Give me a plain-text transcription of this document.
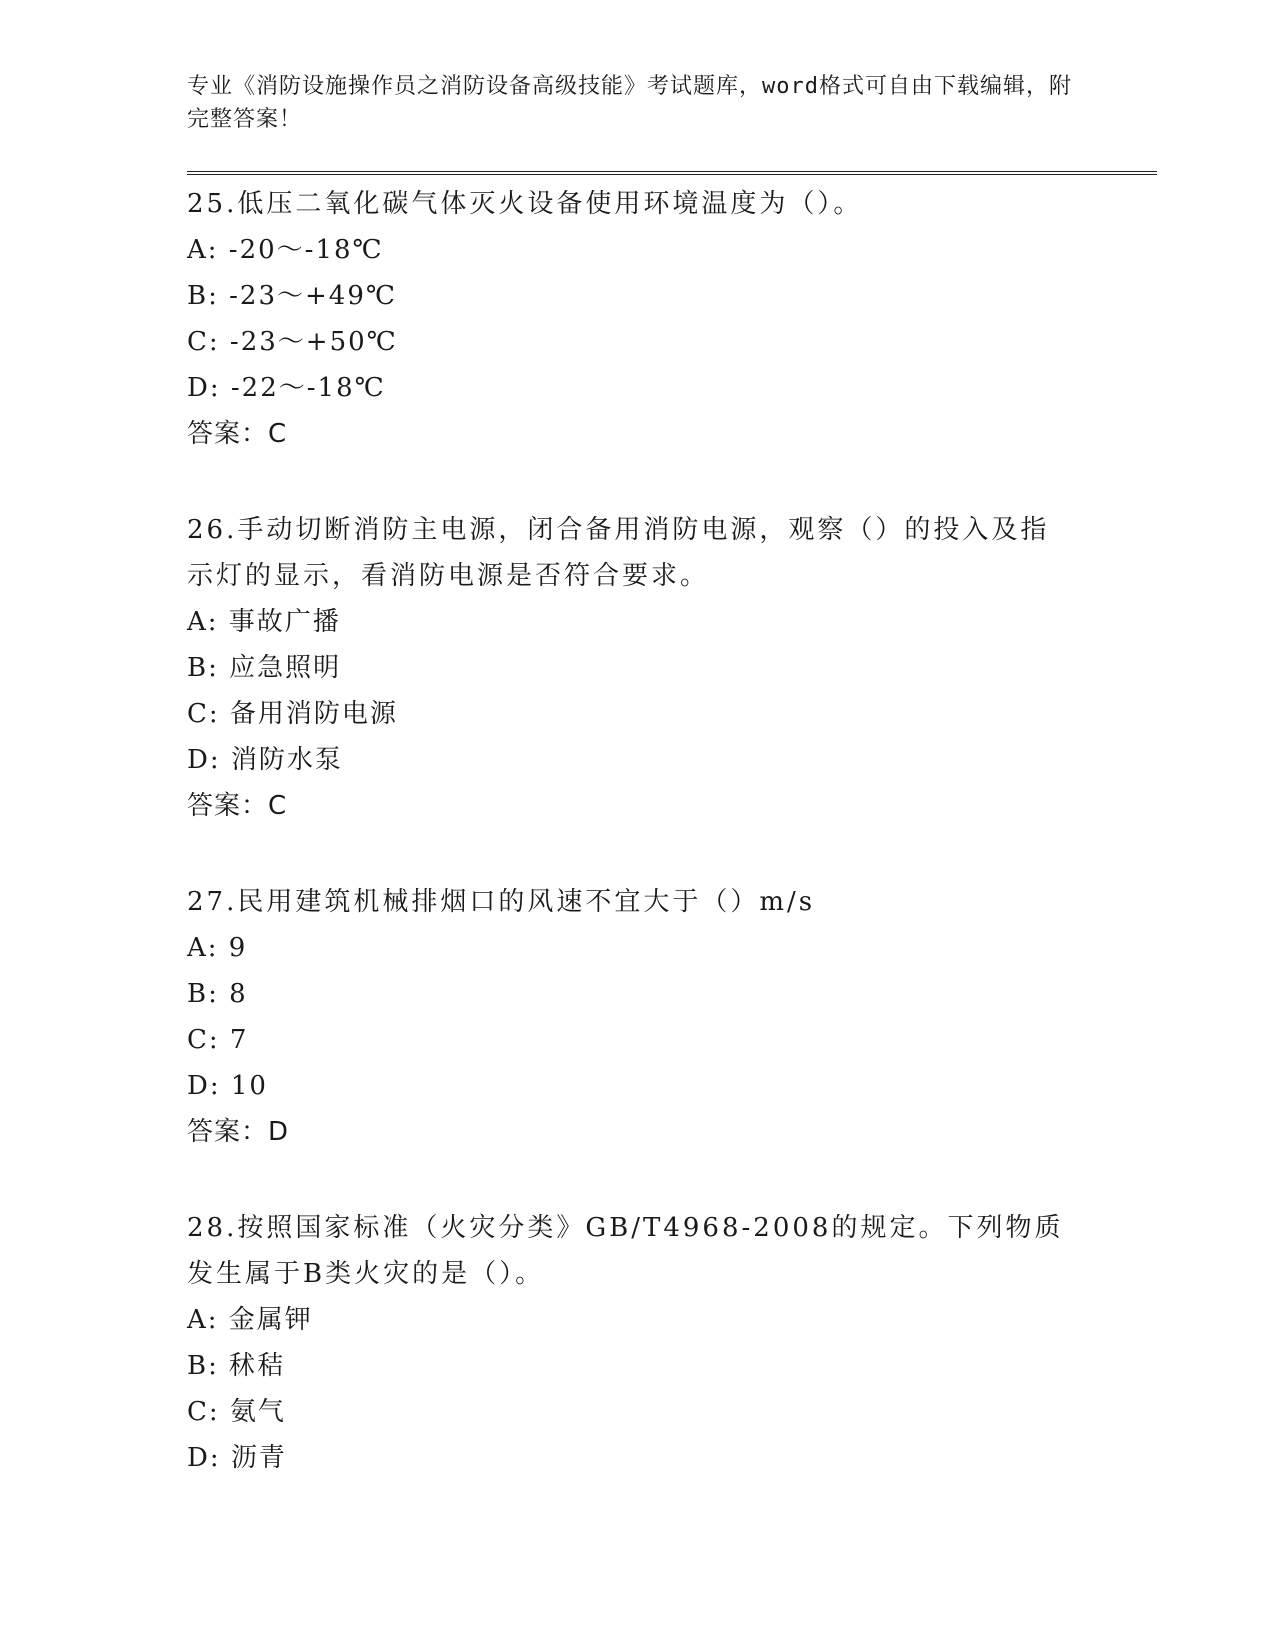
专业《消防设施操作员之消防设备高级技能》考试题库，word格式可自由下载编辑，附完整答案！
25.低压二氧化碳气体灭火设备使用环境温度为（）。
A: -20～-18℃
B: -23～+49℃
C: -23～+50℃
D: -22～-18℃
答案：C
26.手动切断消防主电源，闭合备用消防电源，观察（）的投入及指示灯的显示，看消防电源是否符合要求。
A: 事故广播
B: 应急照明
C: 备用消防电源
D: 消防水泵
答案：C
27.民用建筑机械排烟口的风速不宜大于（）m/s
A: 9
B: 8
C: 7
D: 10
答案：D
28.按照国家标准（火灾分类》GB/T4968-2008的规定。下列物质发生属于B类火灾的是（）。
A: 金属钾
B: 秫秸
C: 氨气
D: 沥青
